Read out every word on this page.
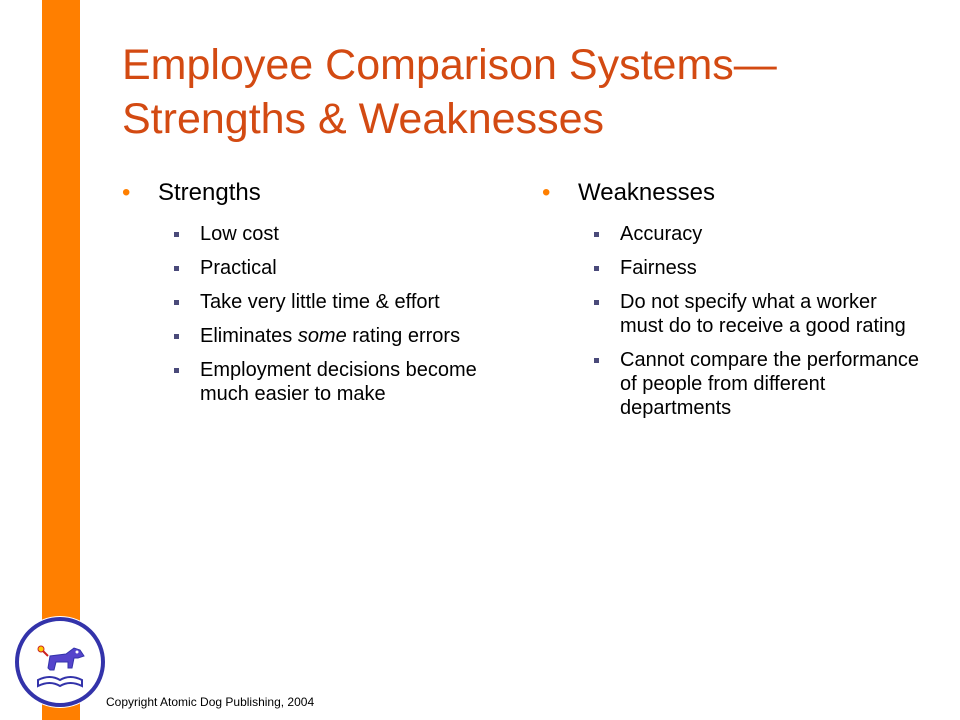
Employee Comparison Systems—
Strengths & Weaknesses
• Strengths
Low cost
Practical
Take very little time & effort
Eliminates some rating errors
Employment decisions become much easier to make
• Weaknesses
Accuracy
Fairness
Do not specify what a worker must do to receive a good rating
Cannot compare the performance of people from different departments
Copyright Atomic Dog Publishing, 2004
